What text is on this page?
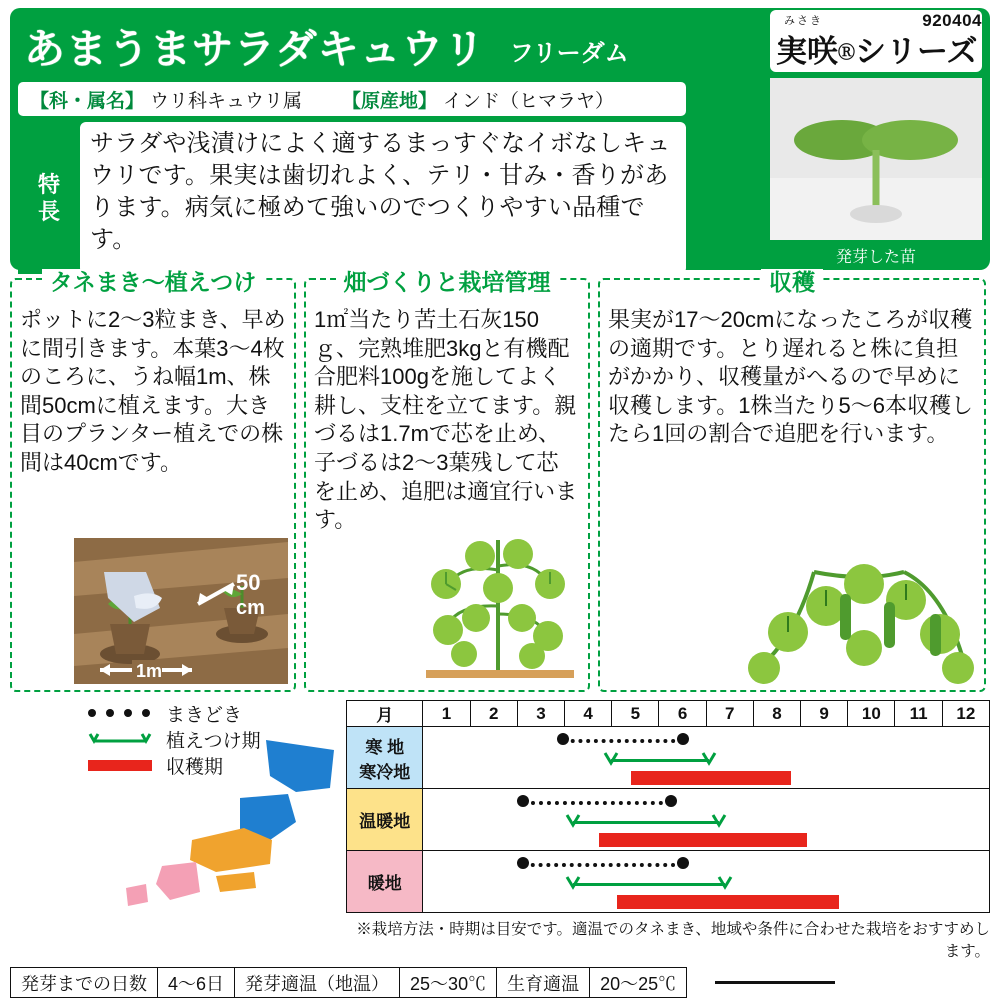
あまうまサラダキュウリ フリーダム
みさき
実咲Ⓡシリーズ
920404
【科・属名】 ウリ科キュウリ属 【原産地】 インド（ヒマラヤ）
特
長
サラダや浅漬けによく適するまっすぐなイボなしキュウリです。果実は歯切れよく、テリ・甘み・香りがあります。病気に極めて強いのでつくりやすい品種です。
発芽した苗
タネまき〜植えつけ
ポットに2〜3粒まき、早めに間引きます。本葉3〜4枚のころに、うね幅1m、株間50cmに植えます。大き目のプランター植えでの株間は40cmです。
1m
50
cm
畑づくりと栽培管理
1㎡当たり苦土石灰150ｇ、完熟堆肥3kgと有機配合肥料100gを施してよく耕し、支柱を立てます。親づるは1.7mで芯を止め、子づるは2〜3葉残して芯を止め、追肥は適宜行います。
収穫
果実が17〜20cmになったころが収穫の適期です。とり遅れると株に負担がかかり、収穫量がへるので早めに収穫します。1株当たり5〜6本収穫したら1回の割合で追肥を行います。
まきどき
植えつけ期
収穫期
月	1	2	3	4	5	6	7	8	9	10	11	12

寒 地
寒冷地

温暖地	

暖地	
※栽培方法・時期は目安です。適温でのタネまき、地域や条件に合わせた栽培をおすすめします。
発芽までの日数	4〜6日	発芽適温（地温）	25〜30℃	生育適温	20〜25℃
